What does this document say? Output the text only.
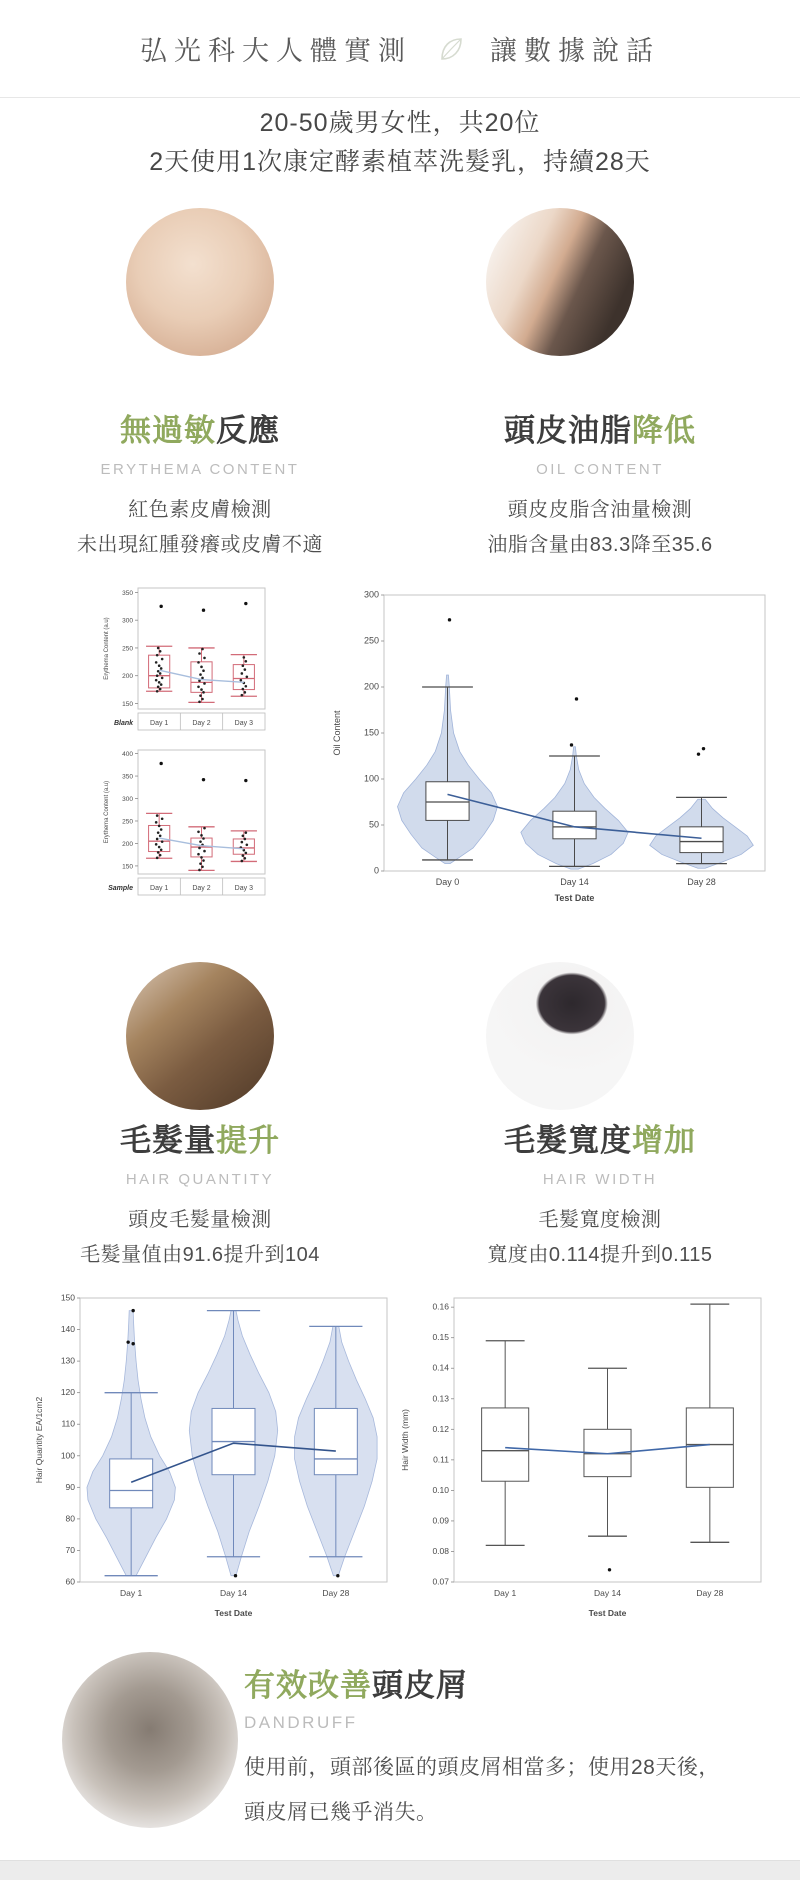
弘光科大人體實測	讓數據說話
20-50歲男女性，共20位
2天使用1次康定酵素植萃洗髮乳，持續28天
無過敏反應
ERYTHEMA CONTENT
紅色素皮膚檢測
未出現紅腫發癢或皮膚不適
頭皮油脂降低
OIL CONTENT
頭皮皮脂含油量檢測
油脂含量由83.3降至35.6
150
200
250
300
350
Erythema Content (a.u)
Day 1	Day 2	Day 3
Blank
150
200
250
300
350
400
Erythema Content (a.u)
Day 1	Day 2	Day 3
Sample
0
50
100
150
200
250
300
Oil Content
Day 0	Day 14	Day 28
Test Date
毛髮量提升
HAIR QUANTITY
頭皮毛髮量檢測
毛髮量值由91.6提升到104
毛髮寬度增加
HAIR WIDTH
毛髮寬度檢測
寬度由0.114提升到0.115
60
70
80
90
100
110
120
130
140
150
Hair Quantity EA/1cm2
Day 1	Day 14	Day 28
Test Date
0.07
0.08
0.09
0.10
0.11
0.12
0.13
0.14
0.15
0.16
Hair Width (mm)
Day 1	Day 14	Day 28
Test Date
有效改善頭皮屑
DANDRUFF
使用前，頭部後區的頭皮屑相當多；使用28天後，
頭皮屑已幾乎消失。
